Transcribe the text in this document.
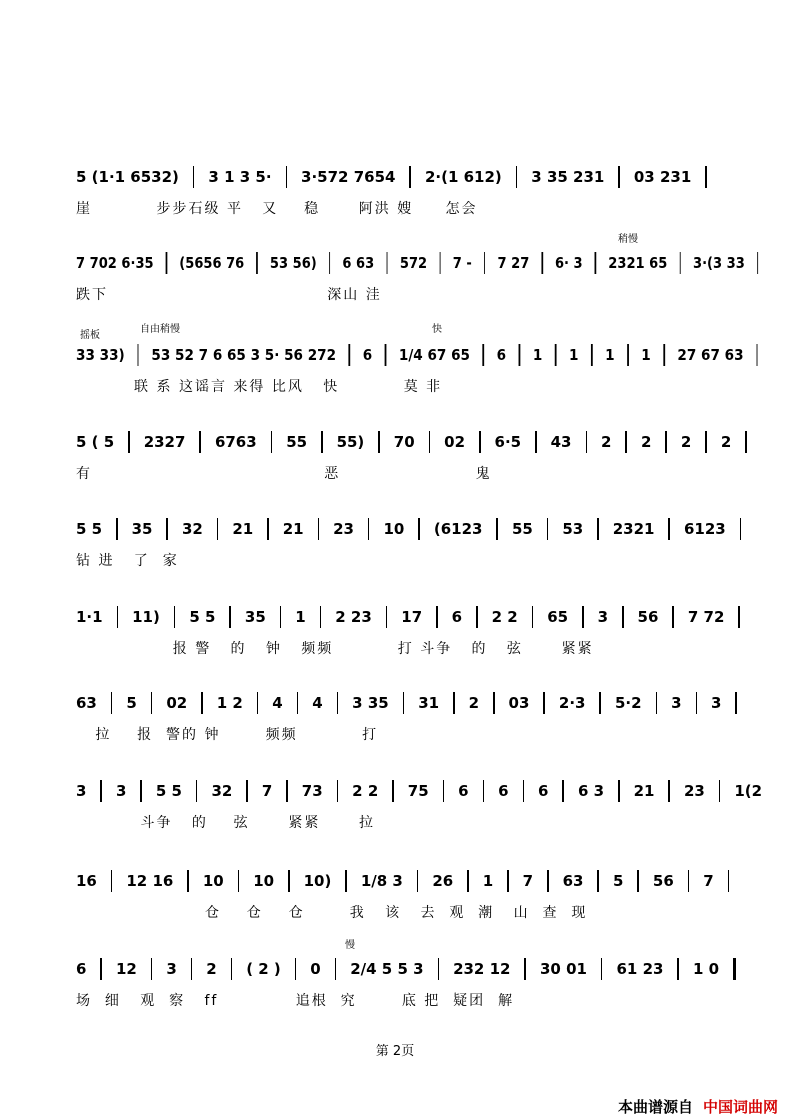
5 (1·1 6532) 3 1 3 5· 3·572 7654 2·(1 612) 3 35 231 03 231
崖          步步石级 平   又    稳      阿洪 嫂     怎会
稍慢
7 702 6·35 (5656 76 53 56) 6 63 572 7 - 7 27 6· 3 2321 65 3·(3 33
跌下                                  深山 洼
摇板
自由稍慢	快
33 33) 53 52 7 6 65 3 5· 56 272 6 1/4 67 65 6 1 1 1 1 27 67 63
联 系 这谣言 来得 比风   快          莫 非
5 ( 5 2327 6763 55 55) 70 02 6·5 43 2 2 2 2
有                                    恶                     鬼
5 5 35 32 21 21 23 10 (6123 55 53 2321 6123
钻 进   了  家
1·1 11) 5 5 35 1 2 23 17 6 2 2 65 3 56 7 72
报 警   的   钟   频频          打 斗争   的   弦      紧紧
63 5 02 1 2 4 4 3 35 31 2 03 2·3 5·2 3 3
拉    报  警的 钟       频频          打
3 3 5 5 32 7 73 2 2 75 6 6 6 6 3 21 23 1(2
斗争   的    弦      紧紧      拉
16 12 16 10 10 10) 1/8 3 26 1 7 63 5 56 7
仓    仓    仓       我   该   去  观  潮   山  查  现
慢
6 12 3 2 ( 2 ) 0 2/4 5 5 3 232 12 30 01 61 23 1 0
场  细   观  察   ff            追根  究       底 把  疑团  解
第 2页
本曲谱源自 中国词曲网
